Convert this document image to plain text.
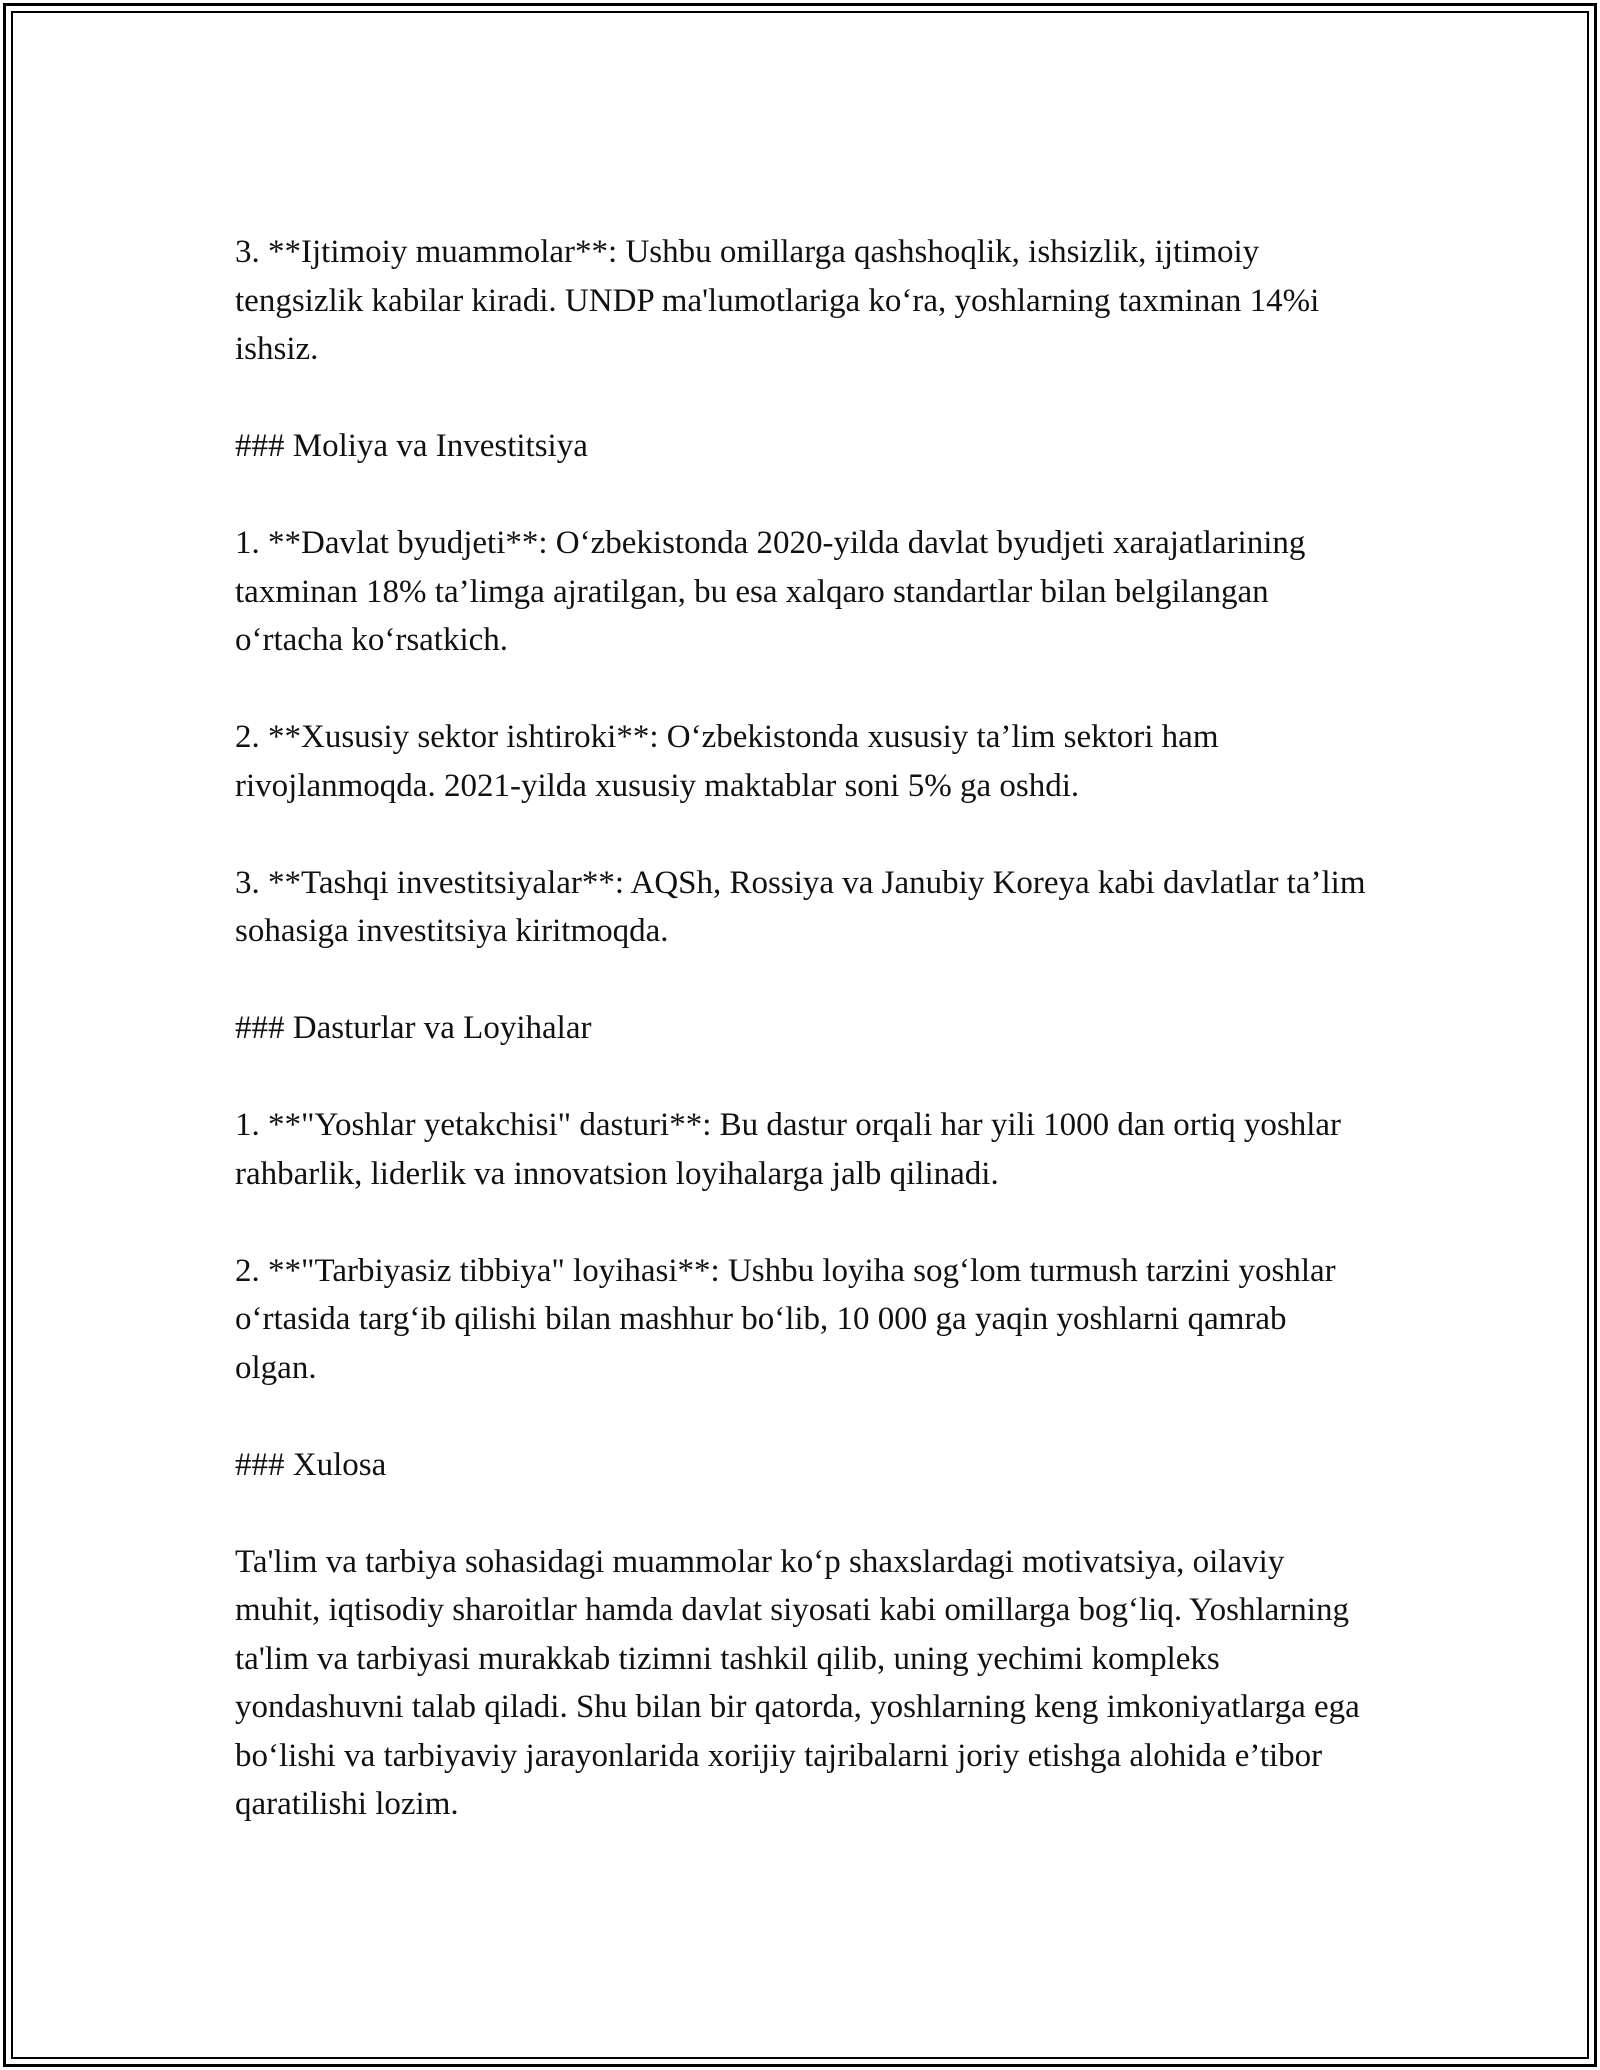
3. **Ijtimoiy muammolar**: Ushbu omillarga qashshoqlik, ishsizlik, ijtimoiy tengsizlik kabilar kiradi. UNDP ma'lumotlariga koʻra, yoshlarning taxminan 14%i ishsiz.

### Moliya va Investitsiya

1. **Davlat byudjeti**: Oʻzbekistonda 2020-yilda davlat byudjeti xarajatlarining taxminan 18% ta’limga ajratilgan, bu esa xalqaro standartlar bilan belgilangan oʻrtacha koʻrsatkich.

2. **Xususiy sektor ishtiroki**: Oʻzbekistonda xususiy ta’lim sektori ham rivojlanmoqda. 2021-yilda xususiy maktablar soni 5% ga oshdi.

3. **Tashqi investitsiyalar**: AQSh, Rossiya va Janubiy Koreya kabi davlatlar ta’lim sohasiga investitsiya kiritmoqda.

### Dasturlar va Loyihalar

1. **"Yoshlar yetakchisi" dasturi**: Bu dastur orqali har yili 1000 dan ortiq yoshlar rahbarlik, liderlik va innovatsion loyihalarga jalb qilinadi.

2. **"Tarbiyasiz tibbiya" loyihasi**: Ushbu loyiha sogʻlom turmush tarzini yoshlar oʻrtasida targʻib qilishi bilan mashhur boʻlib, 10 000 ga yaqin yoshlarni qamrab olgan.

### Xulosa

Ta'lim va tarbiya sohasidagi muammolar koʻp shaxslardagi motivatsiya, oilaviy muhit, iqtisodiy sharoitlar hamda davlat siyosati kabi omillarga bogʻliq. Yoshlarning ta'lim va tarbiyasi murakkab tizimni tashkil qilib, uning yechimi kompleks yondashuvni talab qiladi. Shu bilan bir qatorda, yoshlarning keng imkoniyatlarga ega boʻlishi va tarbiyaviy jarayonlarida xorijiy tajribalarni joriy etishga alohida e’tibor qaratilishi lozim.
